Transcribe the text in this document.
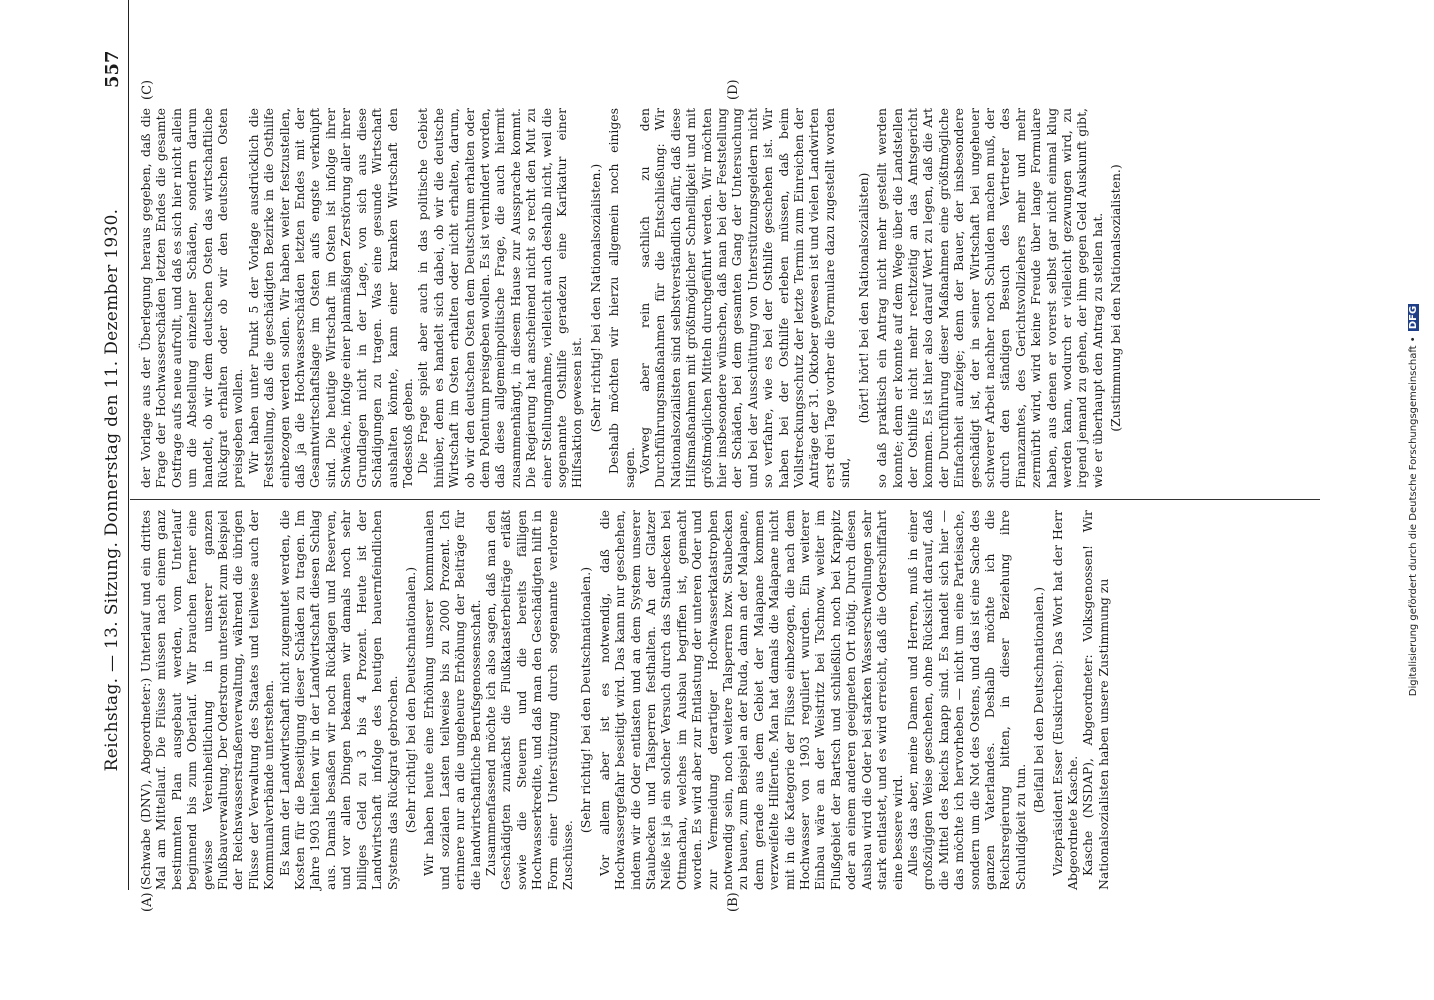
Reichstag. — 13. Sitzung. Donnerstag den 11. Dezember 1930.
557
(A)	(B)
(C)	(D)

(Schwabe (DNV), Abgeordneter:) Unterlauf und ein drittes Mal am Mittellauf. Die Flüsse müssen nach einem ganz bestimmten Plan ausgebaut werden, vom Unterlauf beginnend bis zum Oberlauf. Wir brauchen ferner eine gewisse Vereinheitlichung in unserer ganzen Flußbauverwaltung. Der Oderstrom untersteht zum Beispiel der Reichswasserstraßenverwaltung, während die übrigen Flüsse der Verwaltung des Staates und teilweise auch der Kommunalverbände unterstehen. Es kann der Landwirtschaft nicht zugemutet werden, die Kosten für die Beseitigung dieser Schäden zu tragen. Im Jahre 1903 hielten wir in der Landwirtschaft diesen Schlag aus. Damals besaßen wir noch Rücklagen und Reserven, und vor allen Dingen bekamen wir damals noch sehr billiges Geld zu 3 bis 4 Prozent. Heute ist der Landwirtschaft infolge des heutigen bauernfeindlichen Systems das Rückgrat gebrochen. (Sehr richtig! bei den Deutschnationalen.) Wir haben heute eine Erhöhung unserer kommunalen und sozialen Lasten teilweise bis zu 2000 Prozent. Ich erinnere nur an die ungeheure Erhöhung der Beiträge für die landwirtschaftliche Berufsgenossenschaft. Zusammenfassend möchte ich also sagen, daß man den Geschädigten zunächst die Flußkatasterbeiträge erläßt sowie die Steuern und die bereits fälligen Hochwasserkredite, und daß man den Geschädigten hilft in Form einer Unterstützung durch sogenannte verlorene Zuschüsse.

(Sehr richtig! bei den Deutschnationalen.) Vor allem aber ist es notwendig, daß die Hochwassergefahr beseitigt wird. Das kann nur geschehen, indem wir die Oder entlasten und an dem System unserer Staubecken und Talsperren festhalten. An der Glatzer Neiße ist ja ein solcher Versuch durch das Staubecken bei Ottmachau, welches im Ausbau begriffen ist, gemacht worden. Es wird aber zur Entlastung der unteren Oder und zur Vermeidung derartiger Hochwasserkatastrophen notwendig sein, noch weitere Talsperren bzw. Staubecken zu bauen, zum Beispiel an der Ruda, dann an der Malapane, denn gerade aus dem Gebiet der Malapane kommen verzweifelte Hilferufe. Man hat damals die Malapane nicht mit in die Kategorie der Flüsse einbezogen, die nach dem Hochwasser von 1903 reguliert wurden. Ein weiterer Einbau wäre an der Weistritz bei Tschnow, weiter im Flußgebiet der Bartsch und schließlich noch bei Krappitz oder an einem anderen geeigneten Ort nötig. Durch diesen Ausbau wird die Oder bei starken Wasserschwellungen sehr stark entlastet, und es wird erreicht, daß die Oderschiffahrt eine bessere wird. Alles das aber, meine Damen und Herren, muß in einer großzügigen Weise geschehen, ohne Rücksicht darauf, daß die Mittel des Reichs knapp sind. Es handelt sich hier — das möchte ich hervorheben — nicht um eine Parteisache, sondern um die Not des Ostens, und das ist eine Sache des ganzen Vaterlandes. Deshalb möchte ich die Reichsregierung bitten, in dieser Beziehung ihre Schuldigkeit zu tun.

(Beifall bei den Deutschnationalen.) Vizepräsident Esser (Euskirchen): Das Wort hat der Herr Abgeordnete Kasche. Kasche (NSDAP), Abgeordneter: Volksgenossen! Wir Nationalsozialisten haben unsere Zustimmung zu

der Vorlage aus der Überlegung heraus gegeben, daß die Frage der Hochwasserschäden letzten Endes die gesamte Ostfrage aufs neue aufrollt, und daß es sich hier nicht allein um die Abstellung einzelner Schäden, sondern darum handelt, ob wir dem deutschen Osten das wirtschaftliche Rückgrat erhalten oder ob wir den deutschen Osten preisgeben wollen. Wir haben unter Punkt 5 der Vorlage ausdrücklich die Feststellung, daß die geschädigten Bezirke in die Osthilfe einbezogen werden sollen. Wir haben weiter festzustellen, daß ja die Hochwasserschäden letzten Endes mit der Gesamtwirtschaftslage im Osten aufs engste verknüpft sind. Die heutige Wirtschaft im Osten ist infolge ihrer Schwäche, infolge einer planmäßigen Zerstörung aller ihrer Grundlagen nicht in der Lage, von sich aus diese Schädigungen zu tragen. Was eine gesunde Wirtschaft aushalten könnte, kann einer kranken Wirtschaft den Todesstoß geben. Die Frage spielt aber auch in das politische Gebiet hinüber, denn es handelt sich dabei, ob wir die deutsche Wirtschaft im Osten erhalten oder nicht erhalten, darum, ob wir den deutschen Osten dem Deutschtum erhalten oder dem Polentum preisgeben wollen. Es ist verhindert worden, daß diese allgemeinpolitische Frage, die auch hiermit zusammenhängt, in diesem Hause zur Aussprache kommt. Die Regierung hat anscheinend nicht so recht den Mut zu einer Stellungnahme, vielleicht auch deshalb nicht, weil die sogenannte Osthilfe geradezu eine Karikatur einer Hilfsaktion gewesen ist. (Sehr richtig! bei den Nationalsozialisten.) Deshalb möchten wir hierzu allgemein noch einiges sagen. Vorweg aber rein sachlich zu den Durchführungsmaßnahmen für die Entschließung: Wir Nationalsozialisten sind selbstverständlich dafür, daß diese Hilfsmaßnahmen mit größtmöglicher Schnelligkeit und mit größtmöglichen Mitteln durchgeführt werden. Wir möchten hier insbesondere wünschen, daß man bei der Feststellung der Schäden, bei dem gesamten Gang der Untersuchung und bei der Ausschüttung von Unterstützungsgeldern nicht so verfahre, wie es bei der Osthilfe geschehen ist. Wir haben bei der Osthilfe erleben müssen, daß beim Vollstreckungsschutz der letzte Termin zum Einreichen der Anträge der 31. Oktober gewesen ist und vielen Landwirten erst drei Tage vorher die Formulare dazu zugestellt worden sind,

(hört! hört! bei den Nationalsozialisten) so daß praktisch ein Antrag nicht mehr gestellt werden konnte; denn er konnte auf dem Wege über die Landstellen der Osthilfe nicht mehr rechtzeitig an das Amtsgericht kommen. Es ist hier also darauf Wert zu legen, daß die Art der Durchführung dieser Maßnahmen eine größtmögliche Einfachheit aufzeige; denn der Bauer, der insbesondere geschädigt ist, der in seiner Wirtschaft bei ungeheuer schwerer Arbeit nachher noch Schulden machen muß, der durch den ständigen Besuch des Vertreter des Finanzamtes, des Gerichtsvollziehers mehr und mehr zermürbt wird, wird keine Freude über lange Formulare haben, aus denen er vorerst selbst gar nicht einmal klug werden kann, wodurch er vielleicht gezwungen wird, zu irgend jemand zu gehen, der ihm gegen Geld Auskunft gibt, wie er überhaupt den Antrag zu stellen hat. (Zustimmung bei den Nationalsozialisten.)

Digitalisierung gefördert durch die Deutsche Forschungsgemeinschaft • DFG
